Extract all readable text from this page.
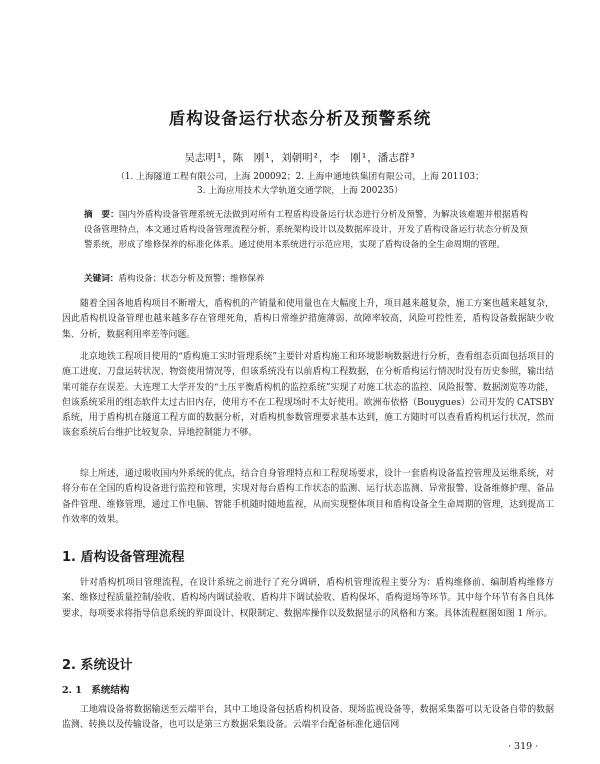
盾构设备运行状态分析及预警系统
吴志明¹，陈　刚¹，刘朝明²，李　刚¹，潘志群³
（1. 上海隧道工程有限公司，上海 200092；2. 上海申通地铁集团有限公司，上海 201103；
3. 上海应用技术大学轨道交通学院，上海 200235）
摘　要：国内外盾构设备管理系统无法做到对所有工程盾构设备运行状态进行分析及预警，为解决该难题并根据盾构设备管理特点，本文通过盾构设备管理流程分析，系统架构设计以及数据库设计，开发了盾构设备运行状态分析及预警系统，形成了维修保养的标准化体系。通过使用本系统进行示范应用，实现了盾构设备的全生命周期的管理。
关键词：盾构设备；状态分析及预警；维修保养
随着全国各地盾构项目不断增大，盾构机的产销量和使用量也在大幅度上升，项目越来越复杂，施工方案也越来越复杂，因此盾构机设备管理也越来越多存在管理死角，盾构日常维护措施薄弱、故障率较高，风险可控性差，盾构设备数据缺少收集、分析，数据利用率差等问题。
北京地铁工程项目使用的“盾构施工实时管理系统”主要针对盾构施工和环境影响数据进行分析，查看组态页面包括项目的施工进度、刀盘运转状况、物资使用情况等，但该系统没有以前盾构工程数据，在分析盾构运行情况时没有历史参照，输出结果可能存在误差。大连理工大学开发的“土压平衡盾构机的监控系统”实现了对施工状态的监控、风险报警、数据浏览等功能，但该系统采用的组态软件太过古旧内存，使用方不在工程现场时不太好使用。欧洲布依格（Bouygues）公司开发的 CATSBY 系统，用于盾构机在隧道工程方面的数据分析，对盾构机参数管理要求基本达到，施工方随时可以查看盾构机运行状况，然而该套系统后台维护比较复杂、异地控制能力不够。
综上所述，通过吸收国内外系统的优点，结合自身管理特点和工程现场要求，设计一套盾构设备监控管理及运维系统，对将分布在全国的盾构设备进行监控和管理，实现对每台盾构工作状态的监测、运行状态监测、异常报警、设备维修护理、备品备件管理、维修管理，通过工作电脑、智能手机随时随地监视，从而实现整体项目和盾构设备全生命周期的管理，达到提高工作效率的效果。
1. 盾构设备管理流程
针对盾构机项目管理流程，在设计系统之前进行了充分调研，盾构机管理流程主要分为：盾构维修前、编制盾构维修方案、维修过程质量控制/验收、盾构场内调试验收、盾构井下调试验收、盾构保坏、盾构退场等环节。其中每个环节有各自具体要求，每项要求将指导信息系统的界面设计、权限制定、数据库操作以及数据显示的风格和方案。具体流程框图如图 1 所示。
2. 系统设计
2. 1　系统结构
工地端设备将数据输送至云端平台，其中工地设备包括盾构机设备、现场监视设备等，数据采集器可以无设备自带的数据监测、转换以及传输设备，也可以是第三方数据采集设备。云端平台配备标准化通信网
· 319 ·
